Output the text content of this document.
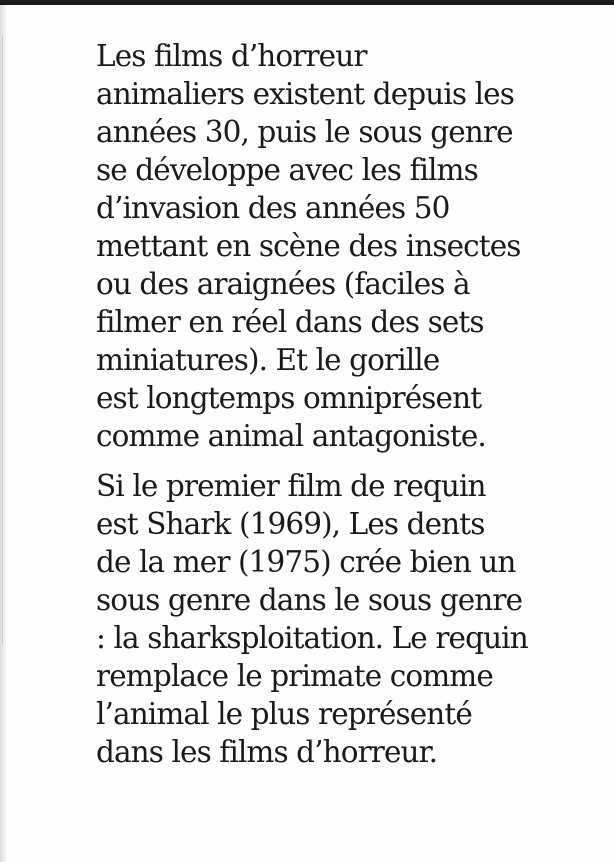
Les films d’horreur
animaliers existent depuis les
années 30, puis le sous genre
se développe avec les films
d’invasion des années 50
mettant en scène des insectes
ou des araignées (faciles à
filmer en réel dans des sets
miniatures). Et le gorille
est longtemps omniprésent
comme animal antagoniste.

Si le premier film de requin
est Shark (1969), Les dents
de la mer (1975) crée bien un
sous genre dans le sous genre
: la sharksploitation. Le requin
remplace le primate comme
l’animal le plus représenté
dans les films d’horreur.
